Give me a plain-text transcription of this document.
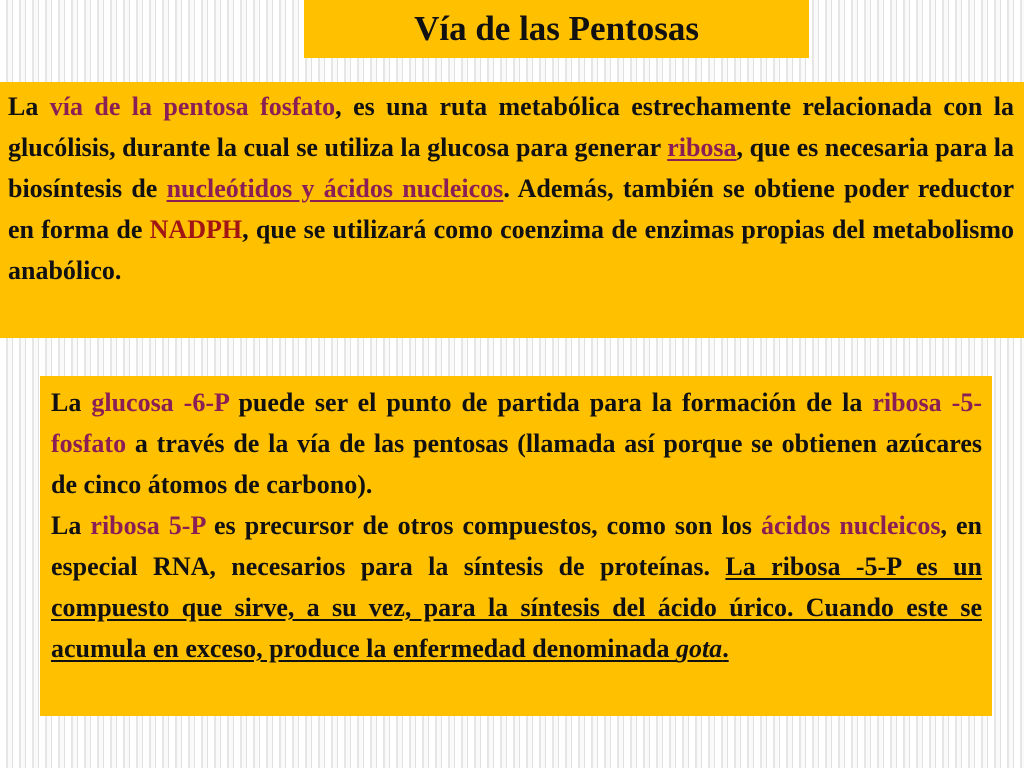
Vía de las Pentosas

La vía de la pentosa fosfato, es una ruta metabólica estrechamente relacionada con la glucólisis, durante la cual se utiliza la glucosa para generar ribosa, que es necesaria para la biosíntesis de nucleótidos y ácidos nucleicos. Además, también se obtiene poder reductor en forma de NADPH, que se utilizará como coenzima de enzimas propias del metabolismo anabólico.

La glucosa -6-P puede ser el punto de partida para la formación de la ribosa -5-fosfato a través de la vía de las pentosas (llamada así porque se obtienen azúcares de cinco átomos de carbono).

La ribosa 5-P es precursor de otros compuestos, como son los ácidos nucleicos, en especial RNA, necesarios para la síntesis de proteínas. La ribosa -5-P es un compuesto que sirve, a su vez, para la síntesis del ácido úrico. Cuando este se acumula en exceso, produce la enfermedad denominada gota.
